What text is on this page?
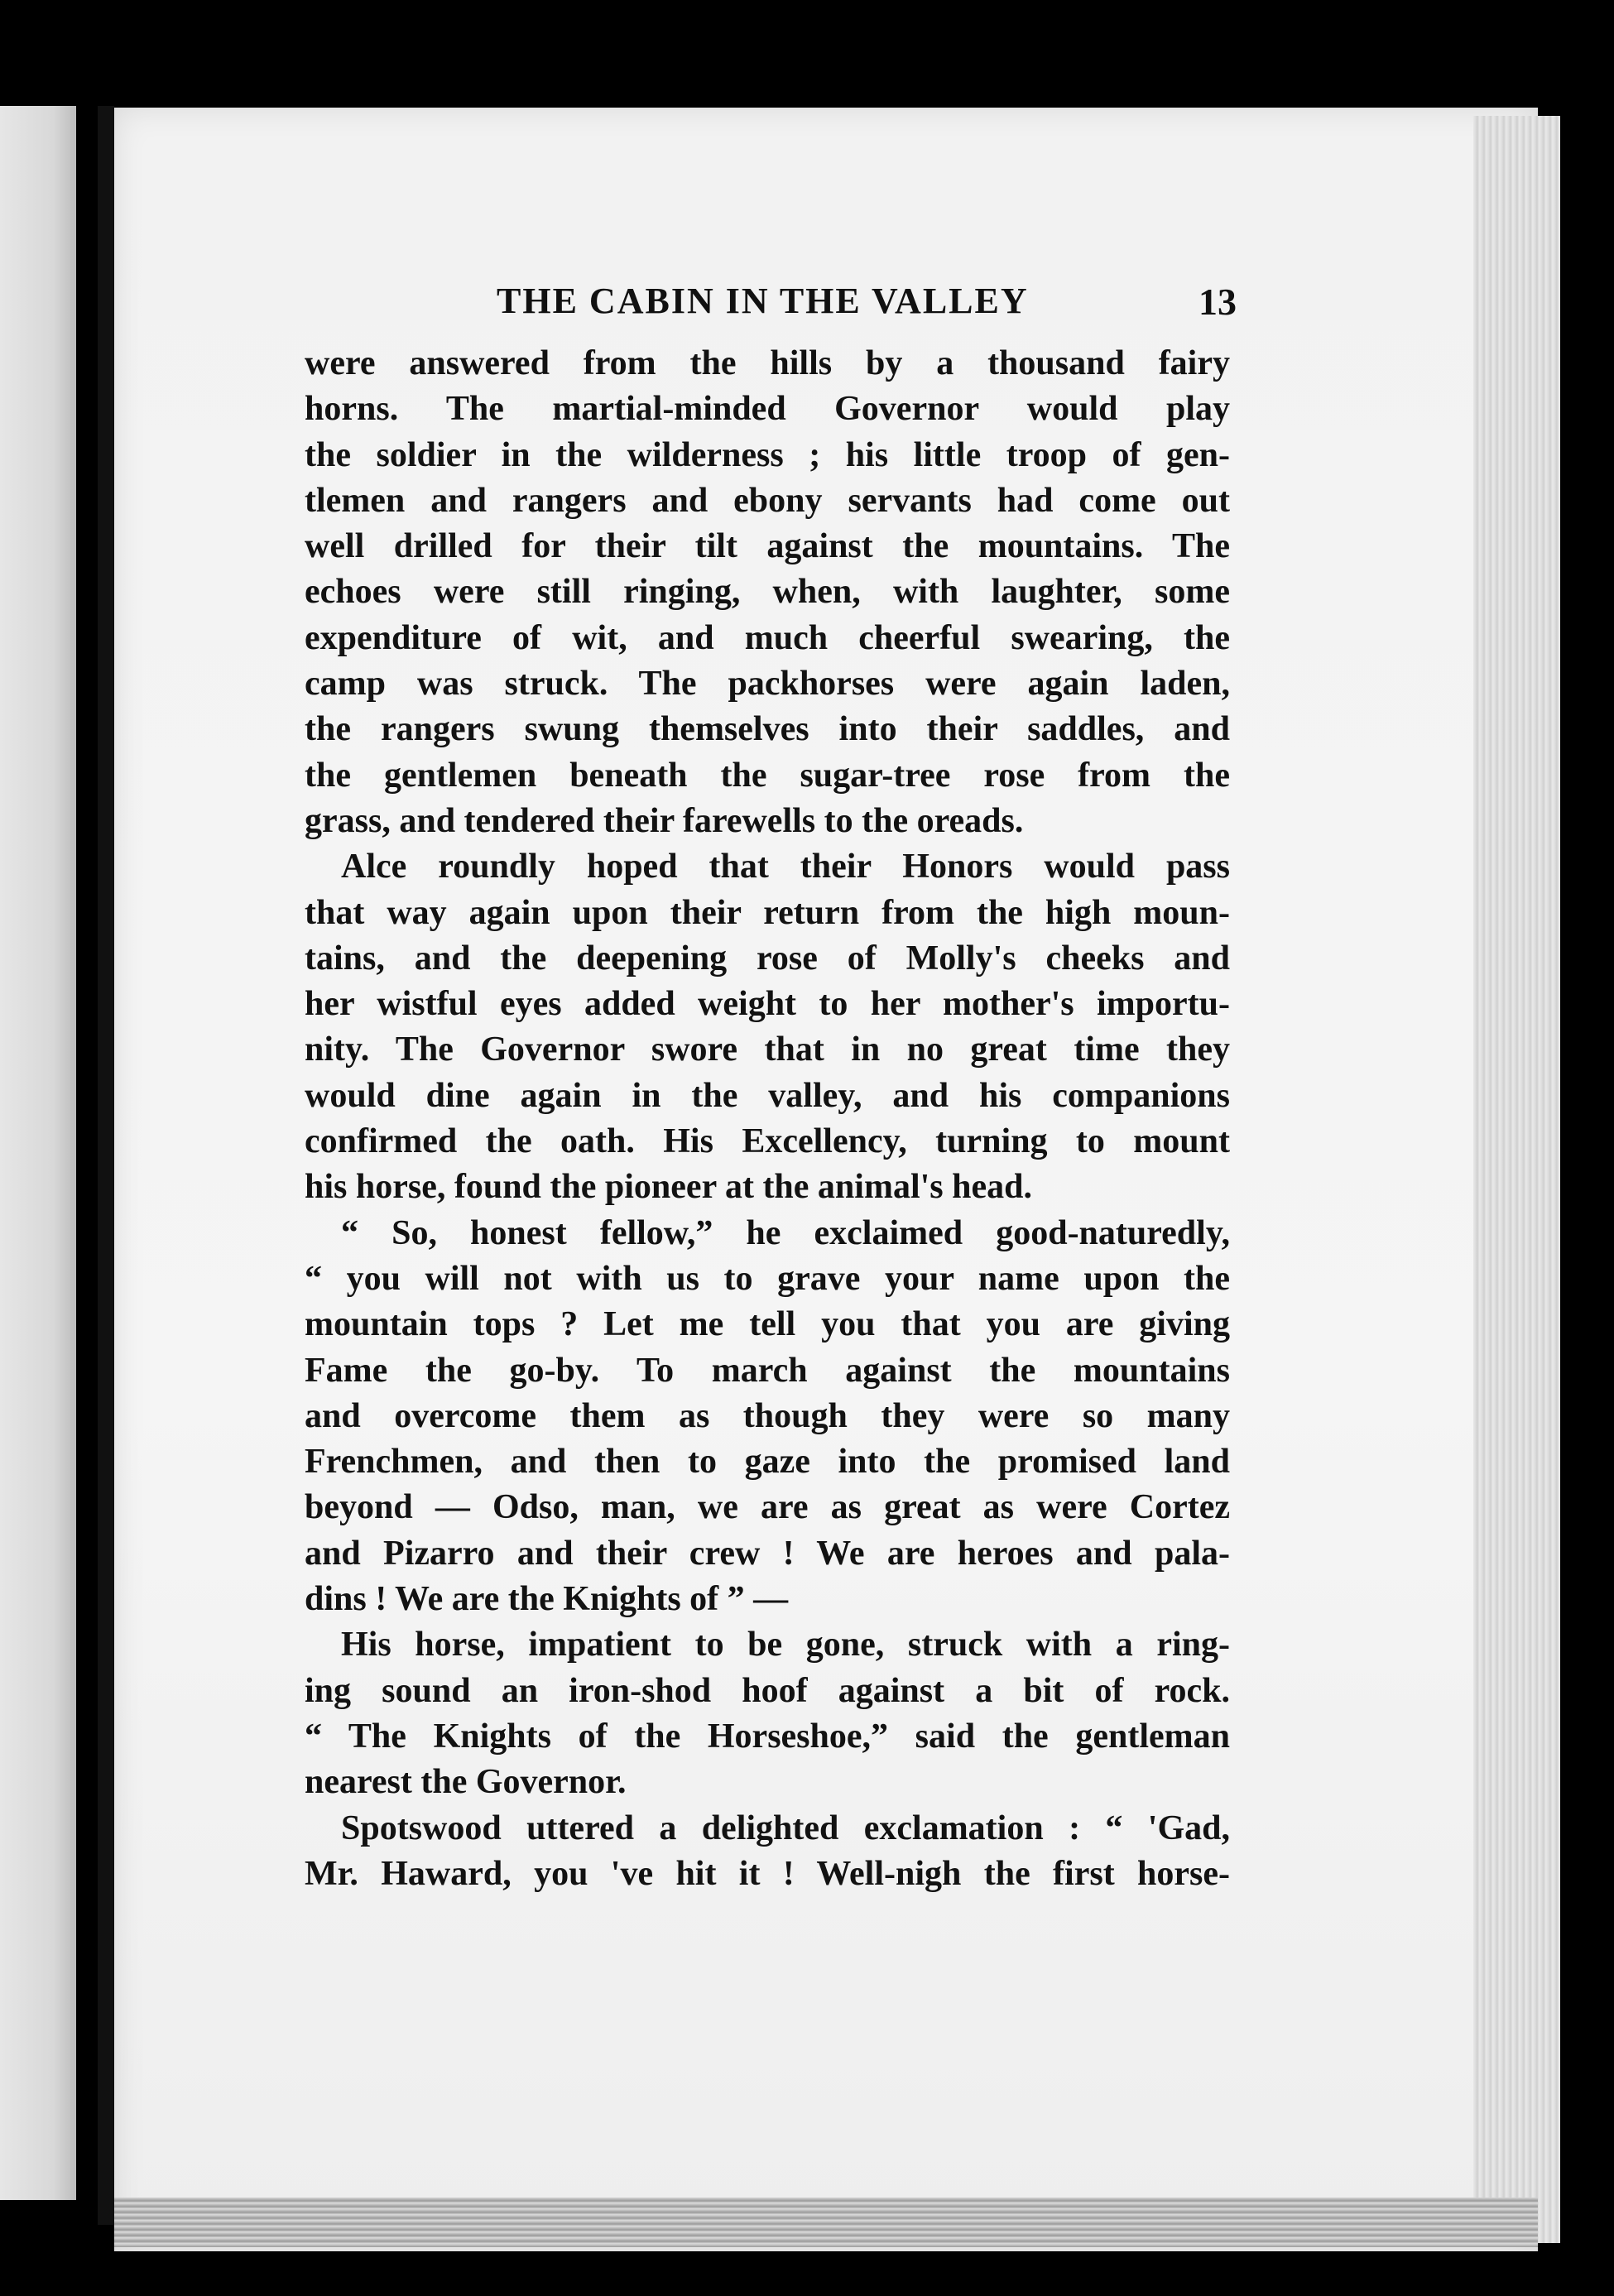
THE CABIN IN THE VALLEY	13
were answered from the hills by a thousand fairy
horns. The martial-minded Governor would play
the soldier in the wilderness ; his little troop of gen-
tlemen and rangers and ebony servants had come out
well drilled for their tilt against the mountains. The
echoes were still ringing, when, with laughter, some
expenditure of wit, and much cheerful swearing, the
camp was struck. The packhorses were again laden,
the rangers swung themselves into their saddles, and
the gentlemen beneath the sugar-tree rose from the
grass, and tendered their farewells to the oreads.
Alce roundly hoped that their Honors would pass
that way again upon their return from the high moun-
tains, and the deepening rose of Molly's cheeks and
her wistful eyes added weight to her mother's importu-
nity. The Governor swore that in no great time they
would dine again in the valley, and his companions
confirmed the oath. His Excellency, turning to mount
his horse, found the pioneer at the animal's head.
“ So, honest fellow,” he exclaimed good-naturedly,
“ you will not with us to grave your name upon the
mountain tops ? Let me tell you that you are giving
Fame the go-by. To march against the mountains
and overcome them as though they were so many
Frenchmen, and then to gaze into the promised land
beyond — Odso, man, we are as great as were Cortez
and Pizarro and their crew ! We are heroes and pala-
dins ! We are the Knights of ” —
His horse, impatient to be gone, struck with a ring-
ing sound an iron-shod hoof against a bit of rock.
“ The Knights of the Horseshoe,” said the gentleman
nearest the Governor.
Spotswood uttered a delighted exclamation : “ 'Gad,
Mr. Haward, you 've hit it ! Well-nigh the first horse-
